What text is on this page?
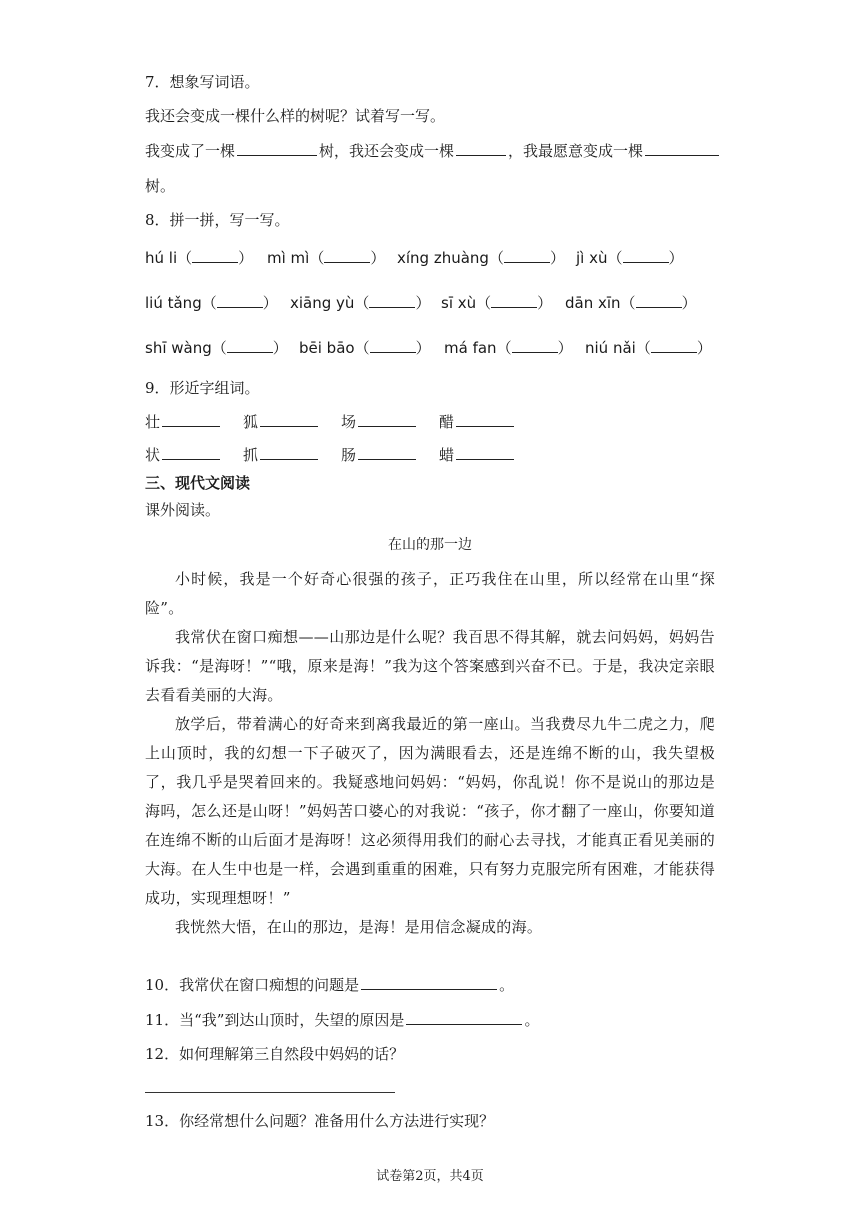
7．想象写词语。
我还会变成一棵什么样的树呢？试着写一写。
我变成了一棵	树，我还会变成一棵	，我最愿意变成一棵
树。
8．拼一拼，写一写。
hú li（	） mì mì（	） xíng zhuàng（	） jì xù（	）
liú tǎng（	） xiāng yù（	） sī xù（	） dān xīn（	）
shī wàng（	） bēi bāo（	） má fan（	） niú nǎi（	）
9．形近字组词。
壮	狐	场	醋
状	抓	肠	蜡
三、现代文阅读
课外阅读。
在山的那一边

小时候，我是一个好奇心很强的孩子，正巧我住在山里，所以经常在山里“探险”。

我常伏在窗口痴想——山那边是什么呢？我百思不得其解，就去问妈妈，妈妈告诉我：“是海呀！”“哦，原来是海！”我为这个答案感到兴奋不已。于是，我决定亲眼去看看美丽的大海。

放学后，带着满心的好奇来到离我最近的第一座山。当我费尽九牛二虎之力，爬上山顶时，我的幻想一下子破灭了，因为满眼看去，还是连绵不断的山，我失望极了，我几乎是哭着回来的。我疑惑地问妈妈：“妈妈，你乱说！你不是说山的那边是海吗，怎么还是山呀！”妈妈苦口婆心的对我说：“孩子，你才翻了一座山，你要知道在连绵不断的山后面才是海呀！这必须得用我们的耐心去寻找，才能真正看见美丽的大海。在人生中也是一样，会遇到重重的困难，只有努力克服完所有困难，才能获得成功，实现理想呀！”

我恍然大悟，在山的那边，是海！是用信念凝成的海。

10．我常伏在窗口痴想的问题是	。
11．当“我”到达山顶时，失望的原因是	。
12．如何理解第三自然段中妈妈的话？
13．你经常想什么问题？准备用什么方法进行实现？
试卷第2页，共4页
